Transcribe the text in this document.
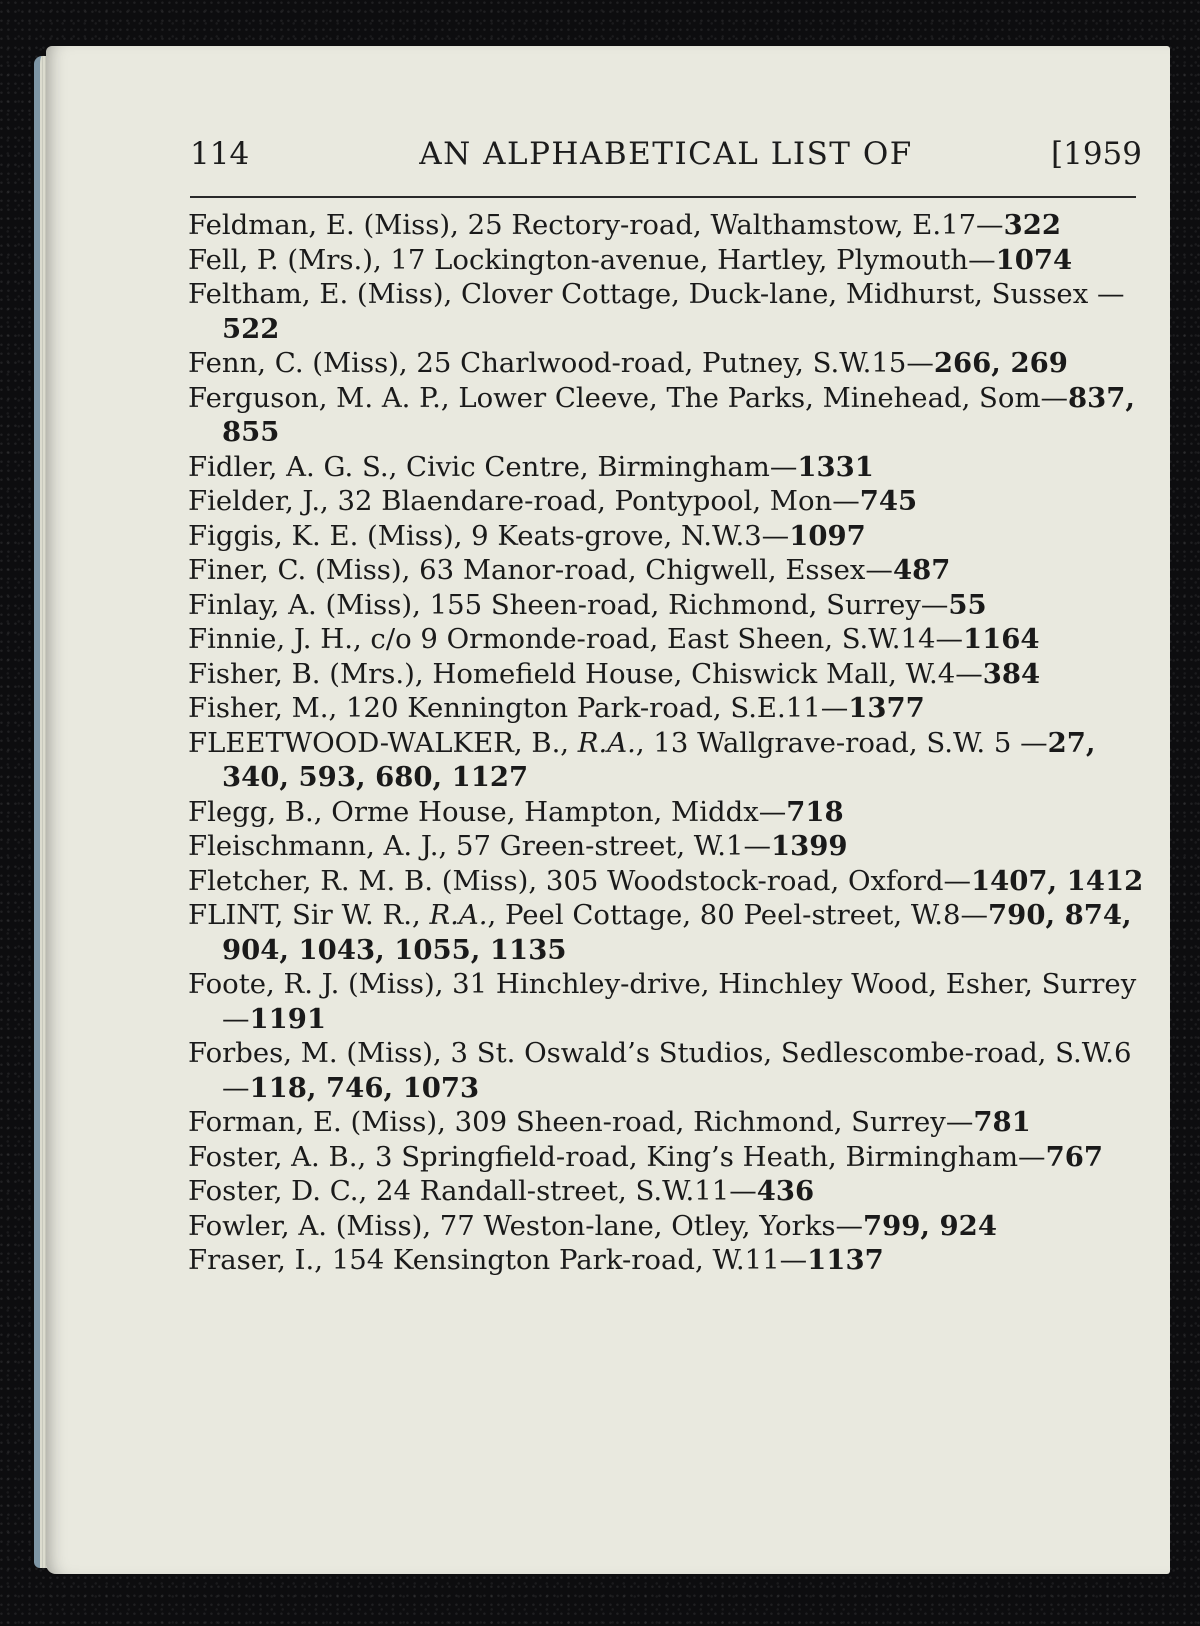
114	AN ALPHABETICAL LIST OF	[1959
Feldman, E. (Miss), 25 Rectory-road, Walthamstow, E.17—322
Fell, P. (Mrs.), 17 Lockington-avenue, Hartley, Plymouth—1074
Feltham, E. (Miss), Clover Cottage, Duck-lane, Midhurst, Sussex —522
Fenn, C. (Miss), 25 Charlwood-road, Putney, S.W.15—266, 269
Ferguson, M. A. P., Lower Cleeve, The Parks, Minehead, Som—837, 855
Fidler, A. G. S., Civic Centre, Birmingham—1331
Fielder, J., 32 Blaendare-road, Pontypool, Mon—745
Figgis, K. E. (Miss), 9 Keats-grove, N.W.3—1097
Finer, C. (Miss), 63 Manor-road, Chigwell, Essex—487
Finlay, A. (Miss), 155 Sheen-road, Richmond, Surrey—55
Finnie, J. H., c/o 9 Ormonde-road, East Sheen, S.W.14—1164
Fisher, B. (Mrs.), Homefield House, Chiswick Mall, W.4—384
Fisher, M., 120 Kennington Park-road, S.E.11—1377
FLEETWOOD-WALKER, B., R.A., 13 Wallgrave-road, S.W. 5 —27, 340, 593, 680, 1127
Flegg, B., Orme House, Hampton, Middx—718
Fleischmann, A. J., 57 Green-street, W.1—1399
Fletcher, R. M. B. (Miss), 305 Woodstock-road, Oxford—1407, 1412
FLINT, Sir W. R., R.A., Peel Cottage, 80 Peel-street, W.8—790, 874, 904, 1043, 1055, 1135
Foote, R. J. (Miss), 31 Hinchley-drive, Hinchley Wood, Esher, Surrey—1191
Forbes, M. (Miss), 3 St. Oswald’s Studios, Sedlescombe-road, S.W.6—118, 746, 1073
Forman, E. (Miss), 309 Sheen-road, Richmond, Surrey—781
Foster, A. B., 3 Springfield-road, King’s Heath, Birmingham—767
Foster, D. C., 24 Randall-street, S.W.11—436
Fowler, A. (Miss), 77 Weston-lane, Otley, Yorks—799, 924
Fraser, I., 154 Kensington Park-road, W.11—1137
